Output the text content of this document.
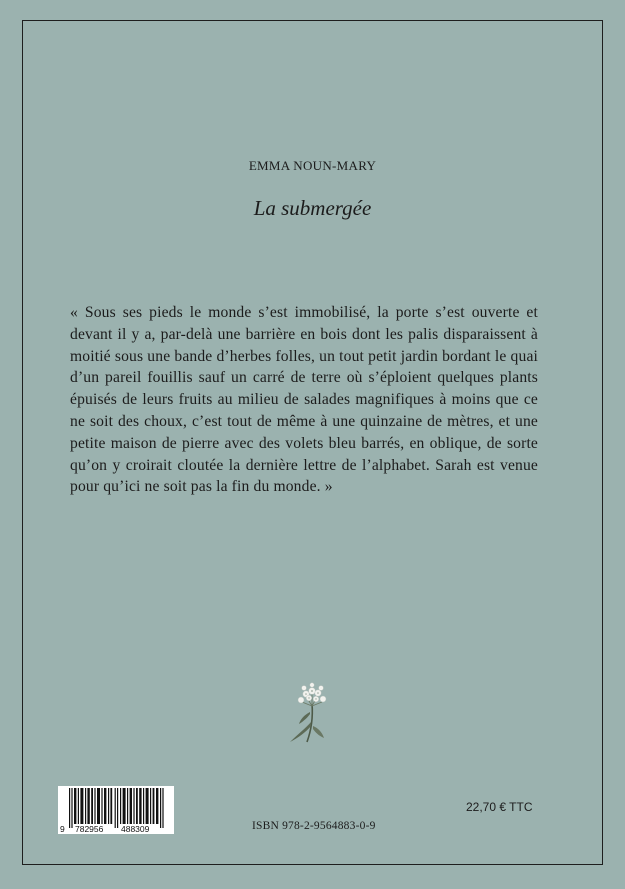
EMMA NOUN-MARY
La submergée
« Sous ses pieds le monde s’est immobilisé, la porte s’est ouverte et devant il y a, par-delà une barrière en bois dont les palis disparaissent à moitié sous une bande d’herbes folles, un tout petit jardin bordant le quai d’un pareil fouillis sauf un carré de terre où s’éploient quelques plants épuisés de leurs fruits au milieu de salades magnifiques à moins que ce ne soit des choux, c’est tout de même à une quinzaine de mètres, et une petite maison de pierre avec des volets bleu barrés, en oblique, de sorte qu’on y croirait cloutée la dernière lettre de l’alphabet. Sarah est venue pour qu’ici ne soit pas la fin du monde. »
9 782956 488309	ISBN 978-2-9564883-0-9
22,70 € TTC
